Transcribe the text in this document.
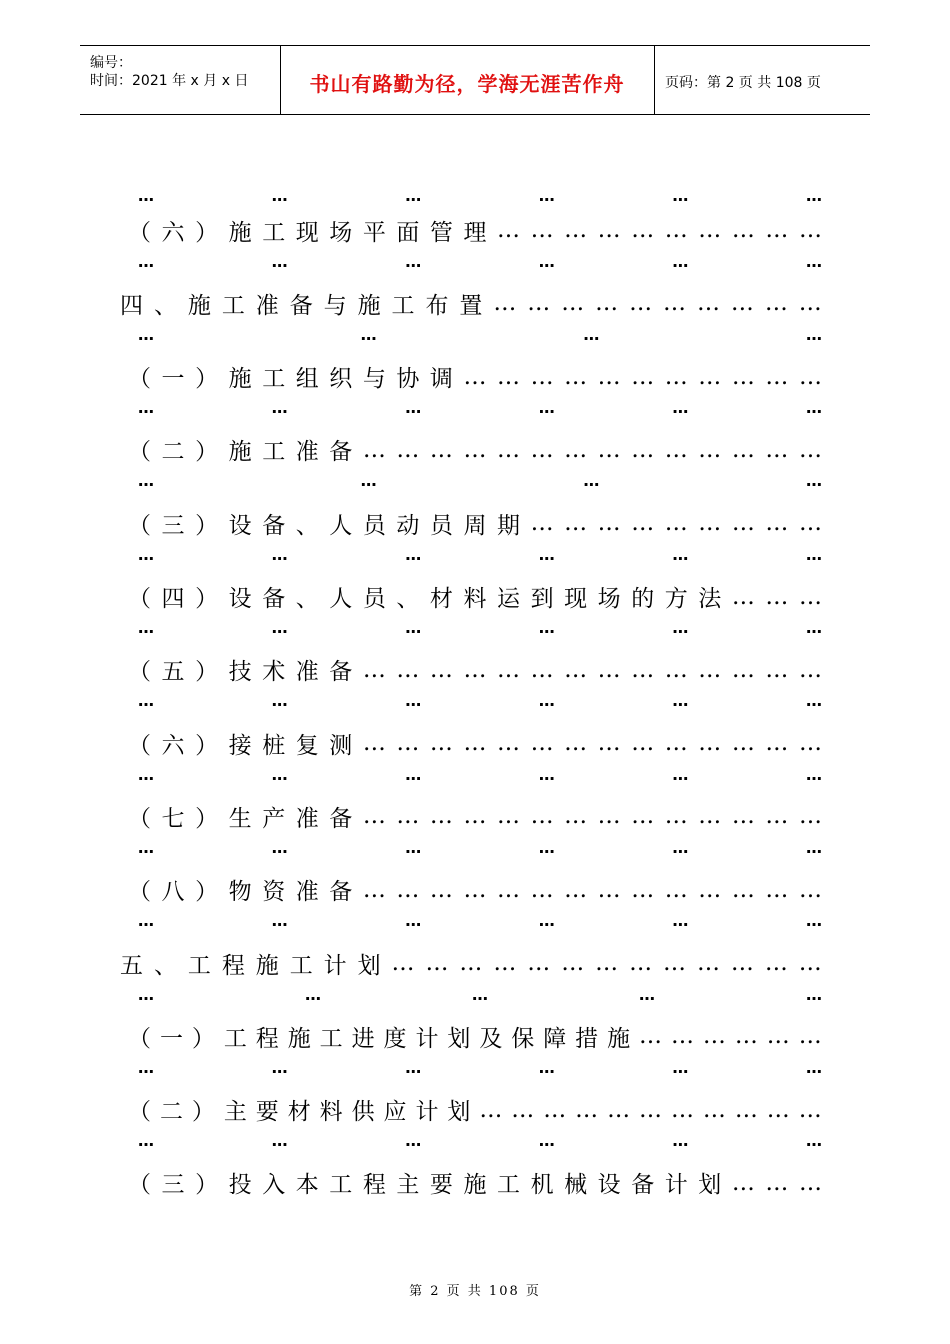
编号：
时间：2021 年 x 月 x 日	书山有路勤为径，学海无涯苦作舟	页码：第 2 页 共 108 页
…	…	…	…	…	…
（ 六 ） 施 工 现 场 平 面 管 理 … … … … … … … … … …
…	…	…	…	…	…
四 、 施 工 准 备 与 施 工 布 置 … … … … … … … … … …
…	…	…	…
（ 一 ） 施 工 组 织 与 协 调 … … … … … … … … … … …
…	…	…	…	…	…
（ 二 ） 施 工 准 备 … … … … … … … … … … … … … …
…	…	…	…
（ 三 ） 设 备 、 人 员 动 员 周 期 … … … … … … … … …
…	…	…	…	…	…
（ 四 ） 设 备 、 人 员 、 材 料 运 到 现 场 的 方 法 … … …
…	…	…	…	…	…
（ 五 ） 技 术 准 备 … … … … … … … … … … … … … …
…	…	…	…	…	…
（ 六 ） 接 桩 复 测 … … … … … … … … … … … … … …
…	…	…	…	…	…
（ 七 ） 生 产 准 备 … … … … … … … … … … … … … …
…	…	…	…	…	…
（ 八 ） 物 资 准 备 … … … … … … … … … … … … … …
…	…	…	…	…	…
五 、 工 程 施 工 计 划 … … … … … … … … … … … … …
…	…	…	…	…
（ 一 ） 工 程 施 工 进 度 计 划 及 保 障 措 施 … … … … … …
…	…	…	…	…	…
（ 二 ） 主 要 材 料 供 应 计 划 … … … … … … … … … … …
…	…	…	…	…	…
（ 三 ） 投 入 本 工 程 主 要 施 工 机 械 设 备 计 划 … … …
第 2 页 共 108 页
